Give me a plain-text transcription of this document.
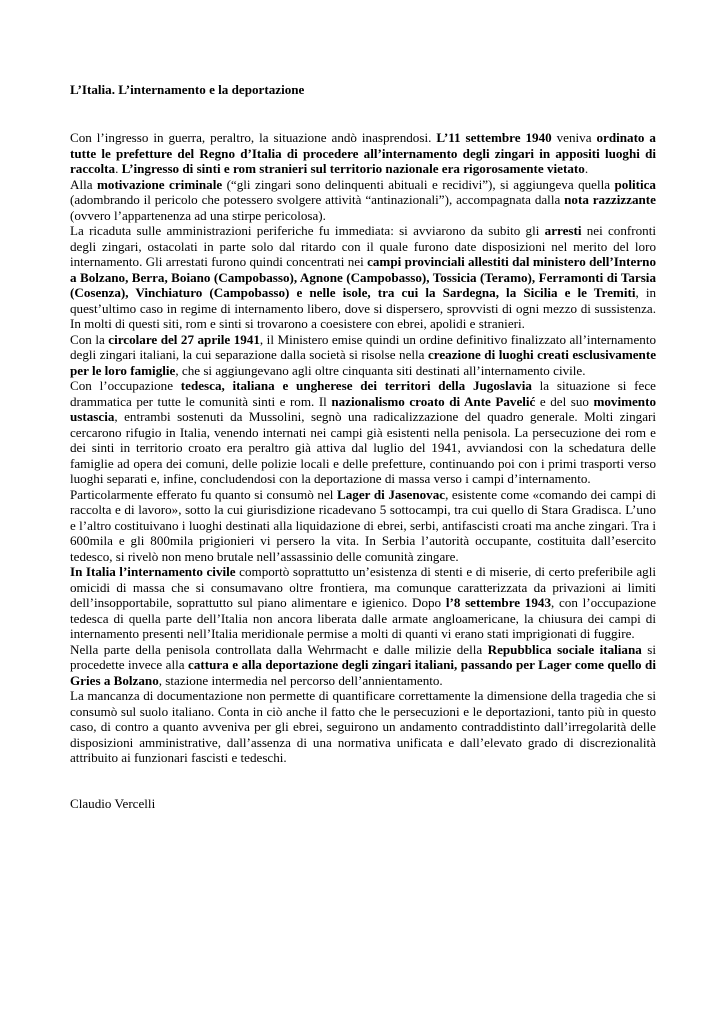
L’Italia. L’internamento e la deportazione

Con l’ingresso in guerra, peraltro, la situazione andò inasprendosi. L’11 settembre 1940 veniva ordinato a tutte le prefetture del Regno d’Italia di procedere all’internamento degli zingari in appositi luoghi di raccolta. L’ingresso di sinti e rom stranieri sul territorio nazionale era rigorosamente vietato.

Alla motivazione criminale (“gli zingari sono delinquenti abituali e recidivi”), si aggiungeva quella politica (adombrando il pericolo che potessero svolgere attività “antinazionali”), accompagnata dalla nota razzizzante (ovvero l’appartenenza ad una stirpe pericolosa).

La ricaduta sulle amministrazioni periferiche fu immediata: si avviarono da subito gli arresti nei confronti degli zingari, ostacolati in parte solo dal ritardo con il quale furono date disposizioni nel merito del loro internamento. Gli arrestati furono quindi concentrati nei campi provinciali allestiti dal ministero dell’Interno a Bolzano, Berra, Boiano (Campobasso), Agnone (Campobasso), Tossicia (Teramo), Ferramonti di Tarsia (Cosenza), Vinchiaturo (Campobasso) e nelle isole, tra cui la Sardegna, la Sicilia e le Tremiti, in quest’ultimo caso in regime di internamento libero, dove si dispersero, sprovvisti di ogni mezzo di sussistenza. In molti di questi siti, rom e sinti si trovarono a coesistere con ebrei, apolidi e stranieri.

Con la circolare del 27 aprile 1941, il Ministero emise quindi un ordine definitivo finalizzato all’internamento degli zingari italiani, la cui separazione dalla società si risolse nella creazione di luoghi creati esclusivamente per le loro famiglie, che si aggiungevano agli oltre cinquanta siti destinati all’internamento civile.

Con l’occupazione tedesca, italiana e ungherese dei territori della Jugoslavia la situazione si fece drammatica per tutte le comunità sinti e rom. Il nazionalismo croato di Ante Pavelić e del suo movimento ustascia, entrambi sostenuti da Mussolini, segnò una radicalizzazione del quadro generale. Molti zingari cercarono rifugio in Italia, venendo internati nei campi già esistenti nella penisola. La persecuzione dei rom e dei sinti in territorio croato era peraltro già attiva dal luglio del 1941, avviandosi con la schedatura delle famiglie ad opera dei comuni, delle polizie locali e delle prefetture, continuando poi con i primi trasporti verso luoghi separati e, infine, concludendosi con la deportazione di massa verso i campi d’internamento.

Particolarmente efferato fu quanto si consumò nel Lager di Jasenovac, esistente come «comando dei campi di raccolta e di lavoro», sotto la cui giurisdizione ricadevano 5 sottocampi, tra cui quello di Stara Gradisca. L’uno e l’altro costituivano i luoghi destinati alla liquidazione di ebrei, serbi, antifascisti croati ma anche zingari. Tra i 600mila e gli 800mila prigionieri vi persero la vita. In Serbia l’autorità occupante, costituita dall’esercito tedesco, si rivelò non meno brutale nell’assassinio delle comunità zingare.

In Italia l’internamento civile comportò soprattutto un’esistenza di stenti e di miserie, di certo preferibile agli omicidi di massa che si consumavano oltre frontiera, ma comunque caratterizzata da privazioni ai limiti dell’insopportabile, soprattutto sul piano alimentare e igienico. Dopo l’8 settembre 1943, con l’occupazione tedesca di quella parte dell’Italia non ancora liberata dalle armate angloamericane, la chiusura dei campi di internamento presenti nell’Italia meridionale permise a molti di quanti vi erano stati imprigionati di fuggire.

Nella parte della penisola controllata dalla Wehrmacht e dalle milizie della Repubblica sociale italiana si procedette invece alla cattura e alla deportazione degli zingari italiani, passando per Lager come quello di Gries a Bolzano, stazione intermedia nel percorso dell’annientamento.

La mancanza di documentazione non permette di quantificare correttamente la dimensione della tragedia che si consumò sul suolo italiano. Conta in ciò anche il fatto che le persecuzioni e le deportazioni, tanto più in questo caso, di contro a quanto avveniva per gli ebrei, seguirono un andamento contraddistinto dall’irregolarità delle disposizioni amministrative, dall’assenza di una normativa unificata e dall’elevato grado di discrezionalità attribuito ai funzionari fascisti e tedeschi.

Claudio Vercelli
